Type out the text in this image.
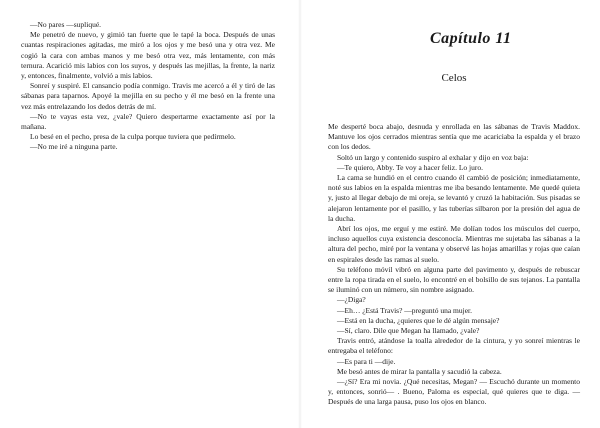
—No pares —supliqué.

Me penetró de nuevo, y gimió tan fuerte que le tapé la boca. Después de unas cuantas respiraciones agitadas, me miró a los ojos y me besó una y otra vez. Me cogió la cara con ambas manos y me besó otra vez, más lentamente, con más ternura. Acarició mis labios con los suyos, y después las mejillas, la frente, la nariz y, entonces, finalmente, volvió a mis labios.

Sonreí y suspiré. El cansancio podía conmigo. Travis me acercó a él y tiró de las sábanas para taparnos. Apoyé la mejilla en su pecho y él me besó en la frente una vez más entrelazando los dedos detrás de mí.

—No te vayas esta vez, ¿vale? Quiero despertarme exactamente así por la mañana.

Lo besé en el pecho, presa de la culpa porque tuviera que pedírmelo.

—No me iré a ninguna parte.

Capítulo 11
Celos

Me desperté boca abajo, desnuda y enrollada en las sábanas de Travis Maddox. Mantuve los ojos cerrados mientras sentía que me acariciaba la espalda y el brazo con los dedos.

Soltó un largo y contenido suspiro al exhalar y dijo en voz baja:

—Te quiero, Abby. Te voy a hacer feliz. Lo juro.

La cama se hundió en el centro cuando él cambió de posición; inmediatamente, noté sus labios en la espalda mientras me iba besando lentamente. Me quedé quieta y, justo al llegar debajo de mi oreja, se levantó y cruzó la habitación. Sus pisadas se alejaron lentamente por el pasillo, y las tuberías silbaron por la presión del agua de la ducha.

Abrí los ojos, me erguí y me estiré. Me dolían todos los músculos del cuerpo, incluso aquellos cuya existencia desconocía. Mientras me sujetaba las sábanas a la altura del pecho, miré por la ventana y observé las hojas amarillas y rojas que caían en espirales desde las ramas al suelo.

Su teléfono móvil vibró en alguna parte del pavimento y, después de rebuscar entre la ropa tirada en el suelo, lo encontré en el bolsillo de sus tejanos. La pantalla se iluminó con un número, sin nombre asignado.

—¿Diga?

—Eh… ¿Está Travis? —preguntó una mujer.

—Está en la ducha, ¿quieres que le dé algún mensaje?

—Sí, claro. Dile que Megan ha llamado, ¿vale?

Travis entró, atándose la toalla alrededor de la cintura, y yo sonreí mientras le entregaba el teléfono:

—Es para ti —dije.

Me besó antes de mirar la pantalla y sacudió la cabeza.

—¿Sí? Era mi novia. ¿Qué necesitas, Megan? — Escuchó durante un momento y, entonces, sonrió— . Bueno, Paloma es especial, qué quieres que te diga. — Después de una larga pausa, puso los ojos en blanco.
